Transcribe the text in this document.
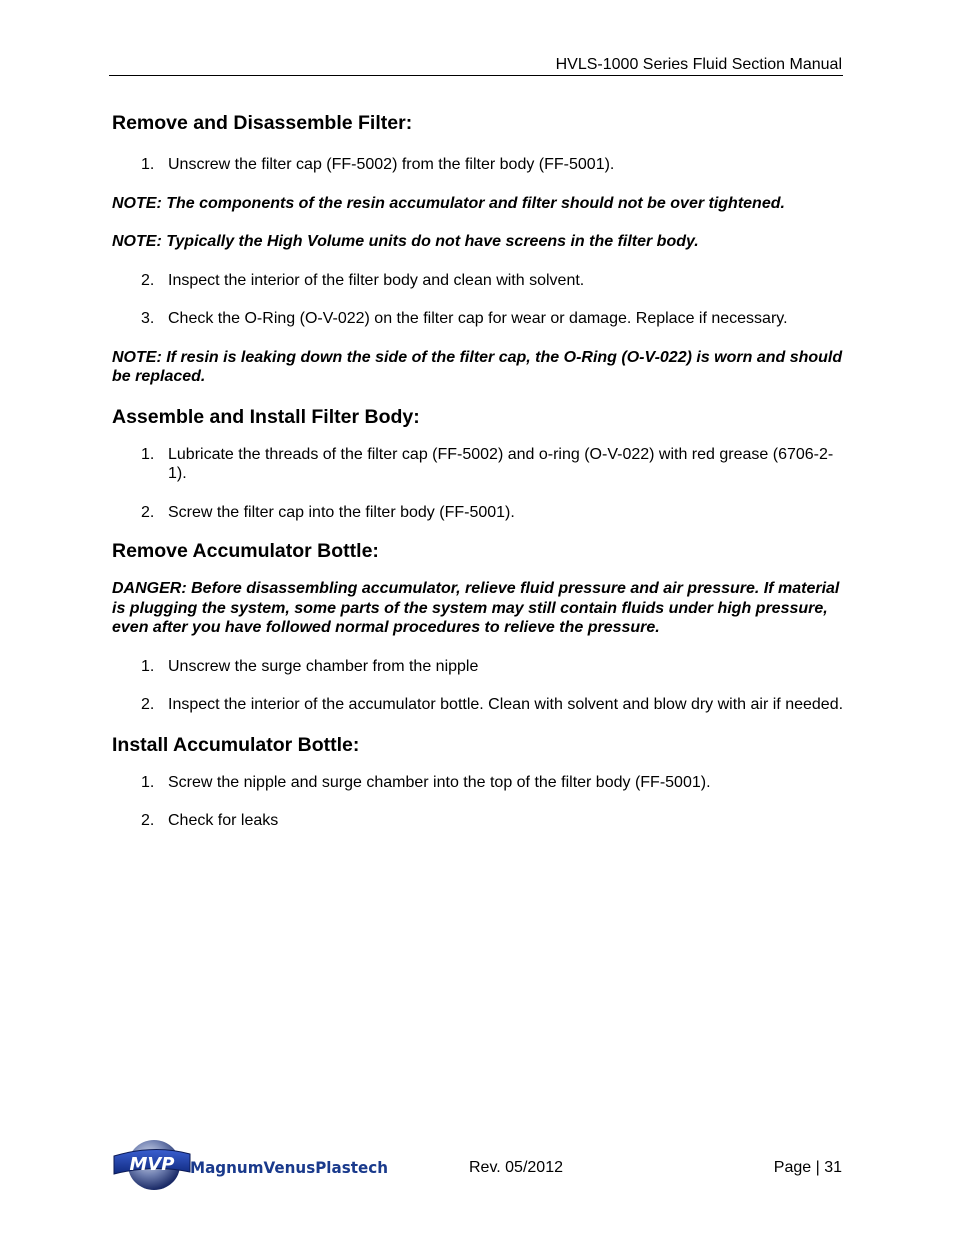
HVLS-1000 Series Fluid Section Manual
Remove and Disassemble Filter:
1. Unscrew the filter cap (FF-5002) from the filter body (FF-5001).

NOTE: The components of the resin accumulator and filter should not be over tightened.

NOTE: Typically the High Volume units do not have screens in the filter body.

2. Inspect the interior of the filter body and clean with solvent.
3. Check the O-Ring (O-V-022) on the filter cap for wear or damage. Replace if necessary.

NOTE: If resin is leaking down the side of the filter cap, the O-Ring (O-V-022) is worn and should be replaced.

Assemble and Install Filter Body:
1. Lubricate the threads of the filter cap (FF-5002) and o-ring (O-V-022) with red grease (6706-2-1).
2. Screw the filter cap into the filter body (FF-5001).
Remove Accumulator Bottle:

DANGER: Before disassembling accumulator, relieve fluid pressure and air pressure. If material is plugging the system, some parts of the system may still contain fluids under high pressure, even after you have followed normal procedures to relieve the pressure.

1. Unscrew the surge chamber from the nipple
2. Inspect the interior of the accumulator bottle. Clean with solvent and blow dry with air if needed.
Install Accumulator Bottle:
1. Screw the nipple and surge chamber into the top of the filter body (FF-5001).
2. Check for leaks
MVP MagnumVenusPlastech	Rev. 05/2012	Page | 31
